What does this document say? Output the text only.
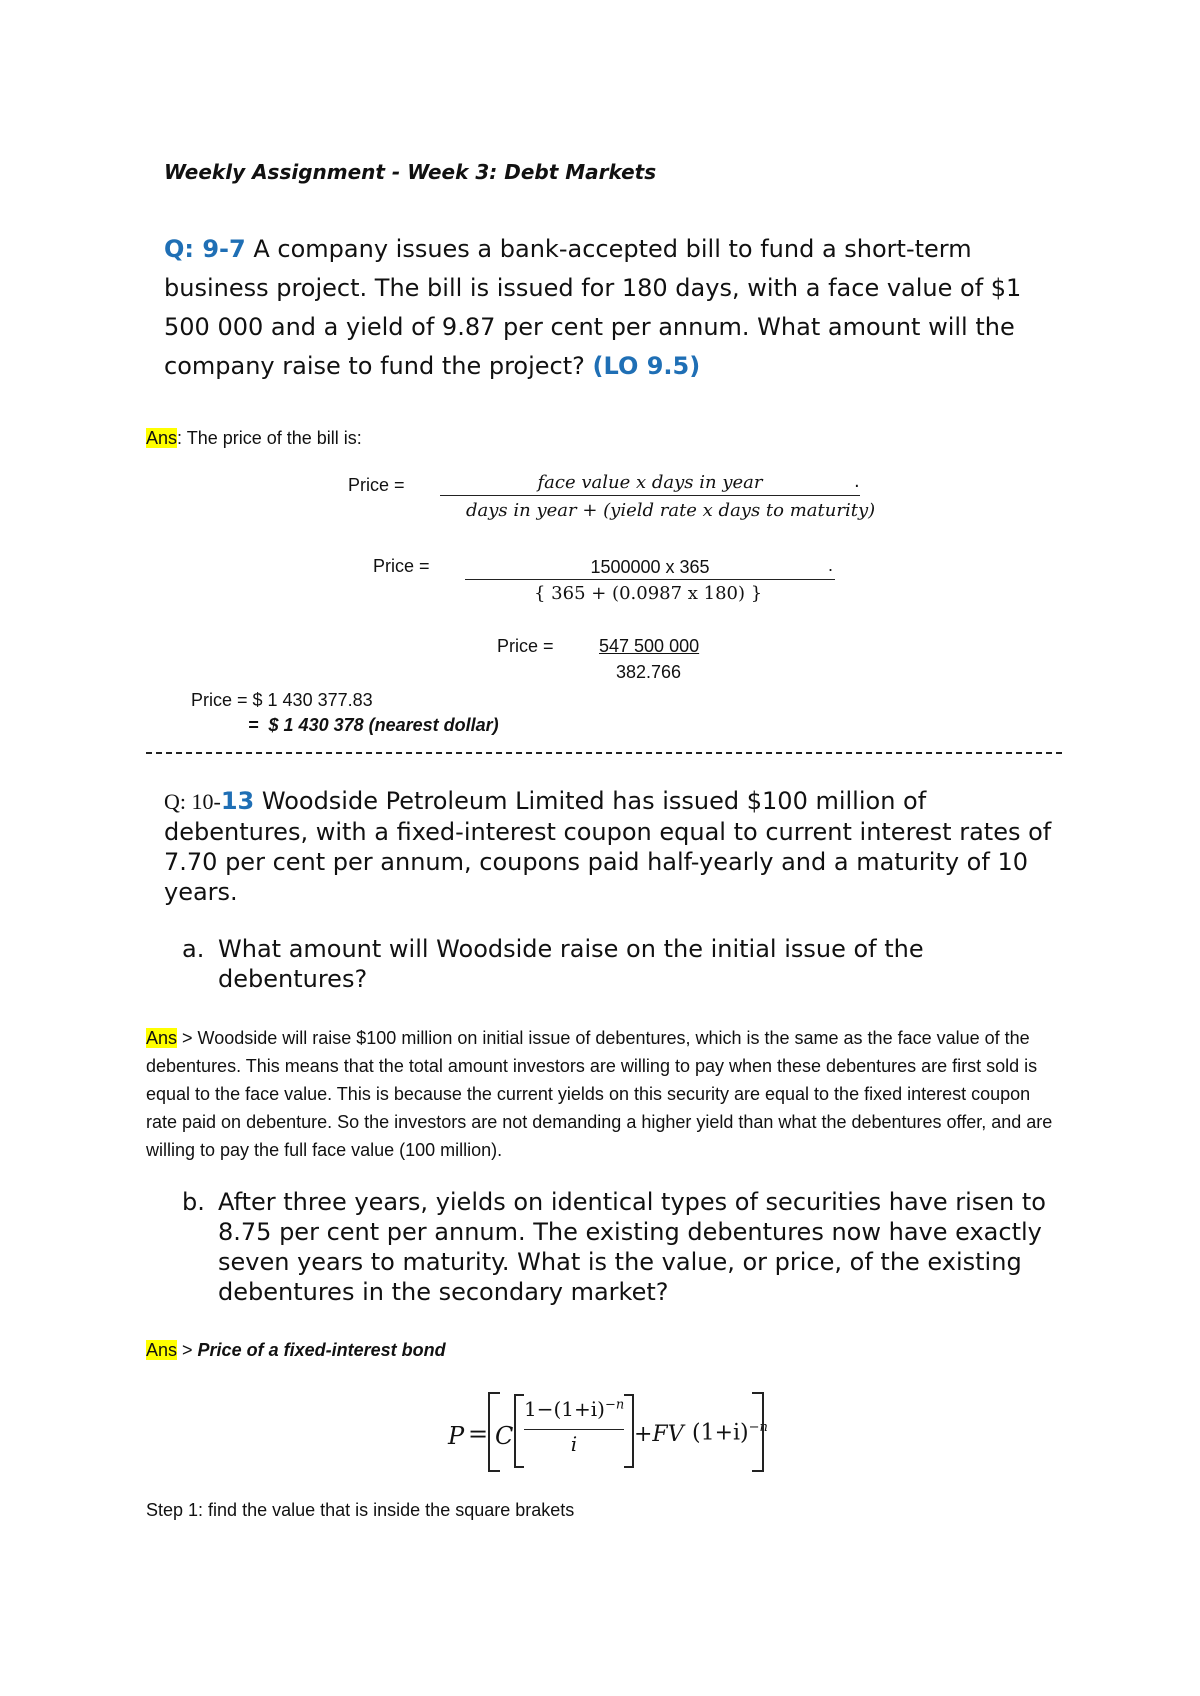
Weekly Assignment - Week 3: Debt Markets
Q: 9-7 A company issues a bank-accepted bill to fund a short-term business project. The bill is issued for 180 days, with a face value of $1 500 000 and a yield of 9.87 per cent per annum. What amount will the company raise to fund the project? (LO 9.5)
Ans: The price of the bill is:
Price =	face value x days in year	.
days in year + (yield rate x days to maturity)
Price =	1500000 x 365	.
{ 365 + (0.0987 x 180) }
Price =	547 500 000
382.766
Price = $ 1 430 377.83
= $ 1 430 378 (nearest dollar)
Q: 10-13 Woodside Petroleum Limited has issued $100 million of debentures, with a fixed-interest coupon equal to current interest rates of 7.70 per cent per annum, coupons paid half-yearly and a maturity of 10 years.
a. What amount will Woodside raise on the initial issue of the debentures?
Ans > Woodside will raise $100 million on initial issue of debentures, which is the same as the face value of the debentures. This means that the total amount investors are willing to pay when these debentures are first sold is equal to the face value. This is because the current yields on this security are equal to the fixed interest coupon rate paid on debenture. So the investors are not demanding a higher yield than what the debentures offer, and are willing to pay the full face value (100 million).
b. After three years, yields on identical types of securities have risen to 8.75 per cent per annum. The existing debentures now have exactly seven years to maturity. What is the value, or price, of the existing debentures in the secondary market?
Ans > Price of a fixed-interest bond
P = C
$1-(1+i)^{-n}$
i	+FV $(1+i)^{-n}$
Step 1: find the value that is inside the square brakets
